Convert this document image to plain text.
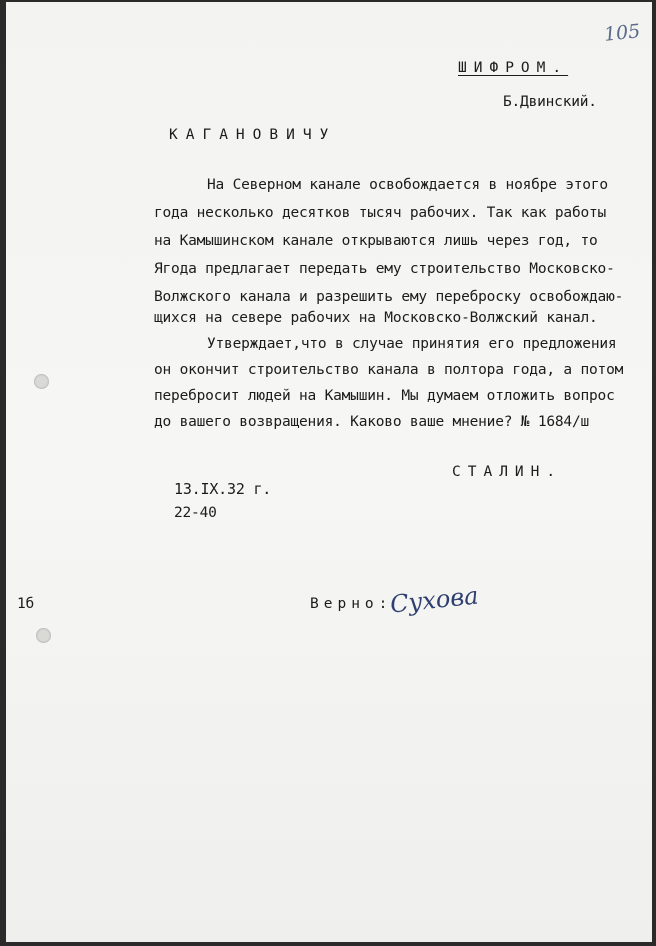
105
ШИФРОМ.
Б.Двинский.
КАГАНОВИЧУ
На Северном канале освобождается в ноябре этого
года несколько десятков тысяч рабочих. Так как работы
на Камышинском канале открываются лишь через год, то
Ягода предлагает передать ему строительство Московско-
Волжского канала и разрешить ему переброску освобождаю-
щихся на севере рабочих на Московско-Волжский канал.
Утверждает,что в случае принятия его предложения
он окончит строительство канала в полтора года, а потом
перебросит людей на Камышин. Мы думаем отложить вопрос
до вашего возвращения. Каково ваше мнение? № 1684/ш
СТАЛИН.
13.IX.32 г.
22-40
1б	Верно:
Сухова
